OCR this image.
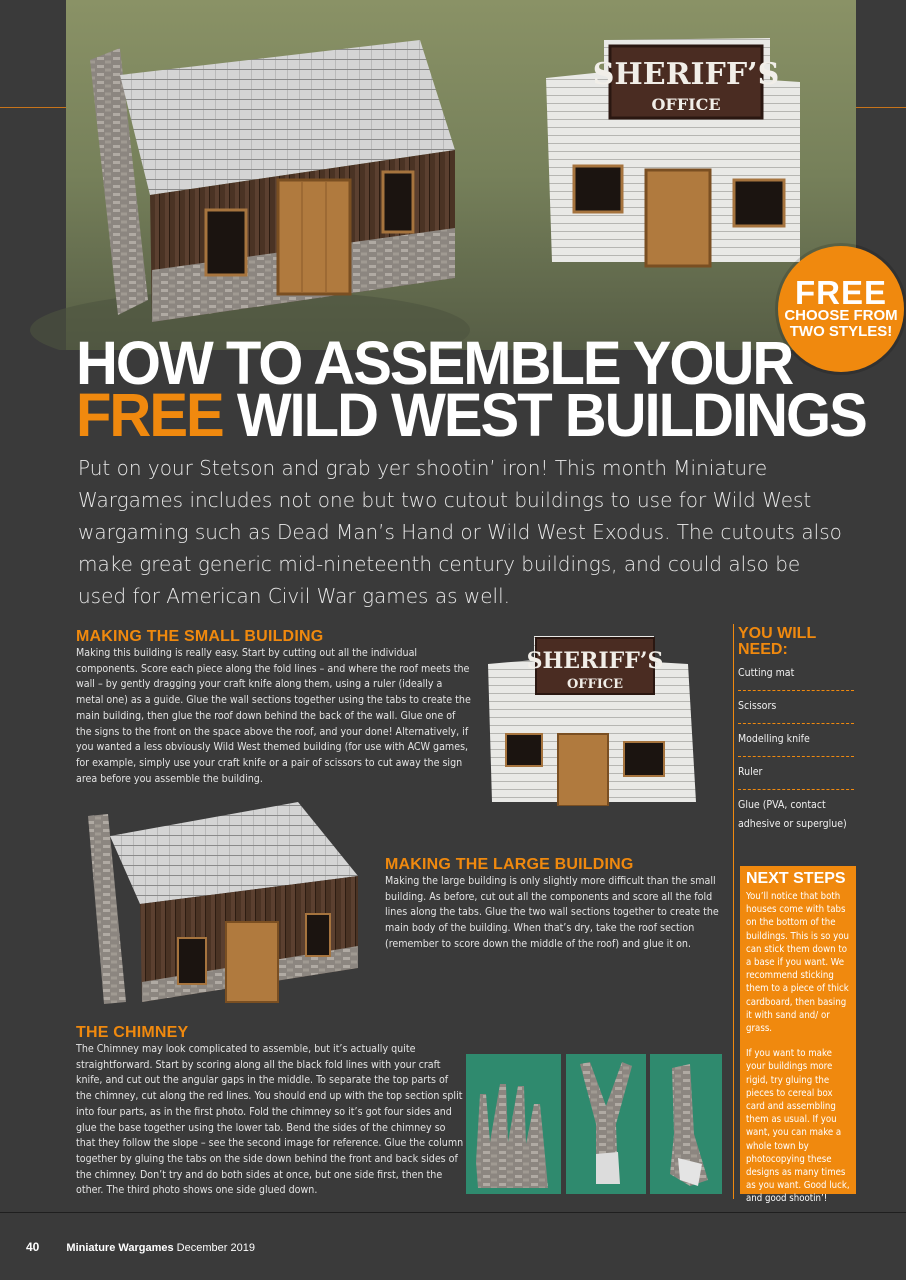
SHERIFF’S
OFFICE
FREE
CHOOSE FROM
TWO STYLES!
HOW TO ASSEMBLE YOUR
FREE WILD WEST BUILDINGS
Put on your Stetson and grab yer shootin’ iron! This month Miniature Wargames includes not one but two cutout buildings to use for Wild West wargaming such as Dead Man’s Hand or Wild West Exodus. The cutouts also make great generic mid-nineteenth century buildings, and could also be used for American Civil War games as well.
MAKING THE SMALL BUILDING
Making this building is really easy. Start by cutting out all the individual components. Score each piece along the fold lines – and where the roof meets the wall – by gently dragging your craft knife along them, using a ruler (ideally a metal one) as a guide. Glue the wall sections together using the tabs to create the main building, then glue the roof down behind the back of the wall. Glue one of the signs to the front on the space above the roof, and your done! Alternatively, if you wanted a less obviously Wild West themed building (for use with ACW games, for example, simply use your craft knife or a pair of scissors to cut away the sign area before you assemble the building.
SHERIFF’S
OFFICE
MAKING THE LARGE BUILDING
Making the large building is only slightly more difficult than the small building. As before, cut out all the components and score all the fold lines along the tabs. Glue the two wall sections together to create the main body of the building. When that’s dry, take the roof section (remember to score down the middle of the roof) and glue it on.
THE CHIMNEY
The Chimney may look complicated to assemble, but it’s actually quite straightforward. Start by scoring along all the black fold lines with your craft knife, and cut out the angular gaps in the middle. To separate the top parts of the chimney, cut along the red lines. You should end up with the top section split into four parts, as in the first photo. Fold the chimney so it’s got four sides and glue the base together using the lower tab. Bend the sides of the chimney so that they follow the slope – see the second image for reference. Glue the column together by gluing the tabs on the side down behind the front and back sides of the chimney. Don’t try and do both sides at once, but one side first, then the other. The third photo shows one side glued down.
YOU WILL
NEED:
Cutting mat
Scissors
Modelling knife
Ruler
Glue (PVA, contact adhesive or superglue)
NEXT STEPS
You’ll notice that both houses come with tabs on the bottom of the buildings. This is so you can stick them down to a base if you want. We recommend sticking them to a piece of thick cardboard, then basing it with sand and/ or grass.
If you want to make your buildings more rigid, try gluing the pieces to cereal box card and assembling them as usual. If you want, you can make a whole town by photocopying these designs as many times as you want. Good luck, and good shootin’!
40 Miniature Wargames December 2019
